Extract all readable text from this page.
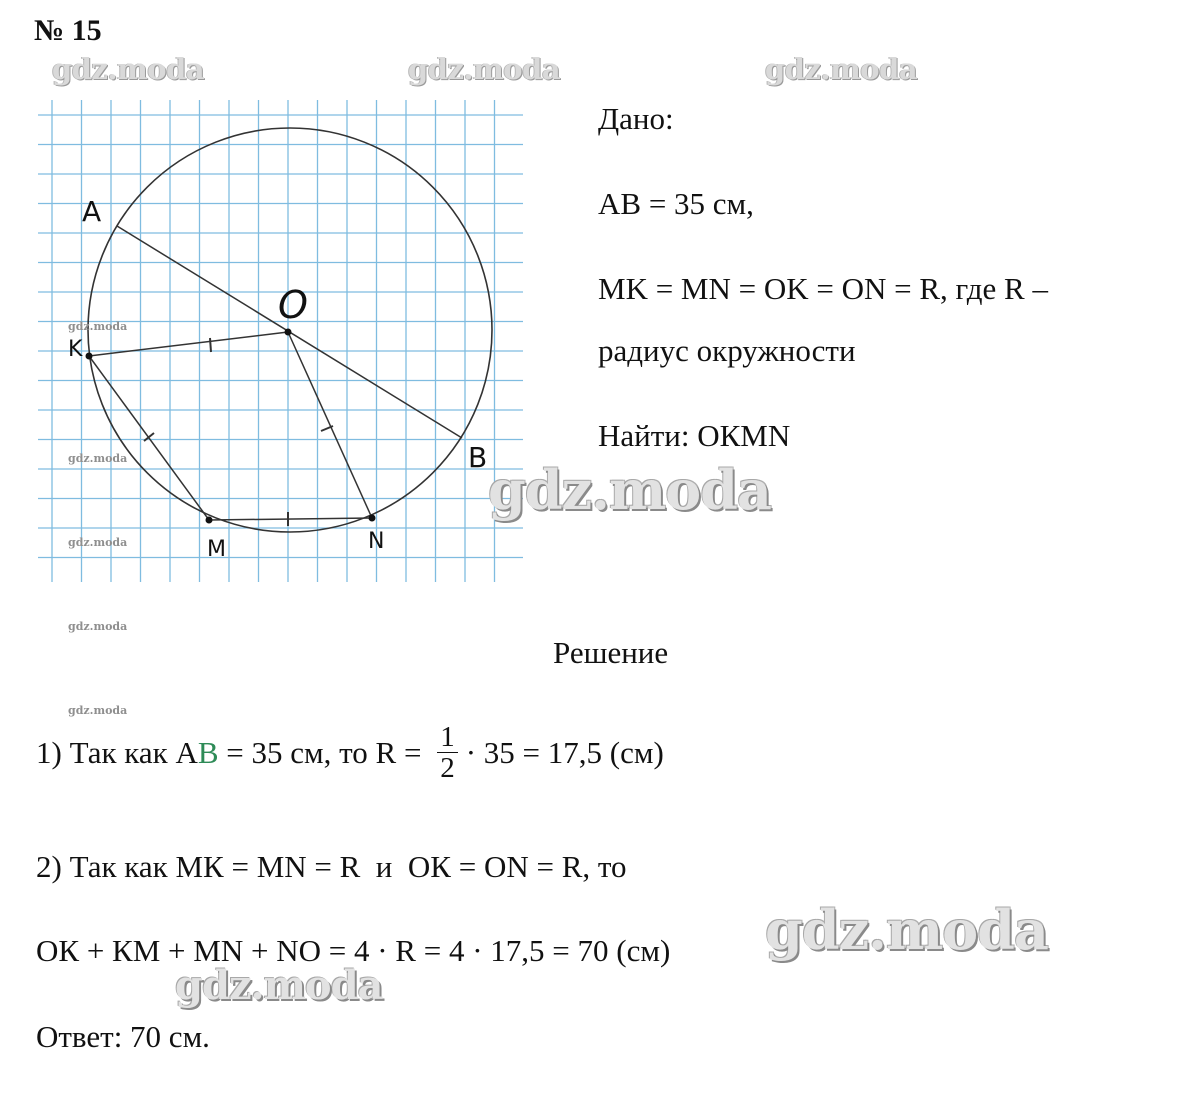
№ 15
gdz.moda	gdz.moda	gdz.moda
A
B
O
K
M	N
gdz.moda
gdz.moda
gdz.moda
gdz.moda
gdz.moda
Дано:
AB = 35 см,
MK = MN = OK = ON = R, где R –
радиус окружности
Найти: ОКМN
gdz.moda
Решение
1) Так как А В = 35 см, то $R = \frac{1}{2} \cdot 35 = 17,5$ (см)
2) Так как МК = МN = R  и  ОК = ОN = R, то
ОК + КМ + МN + NO = 4 · R = 4 · 17,5 = 70 (см) gdz.moda
gdz.moda
Ответ: 70 см.
